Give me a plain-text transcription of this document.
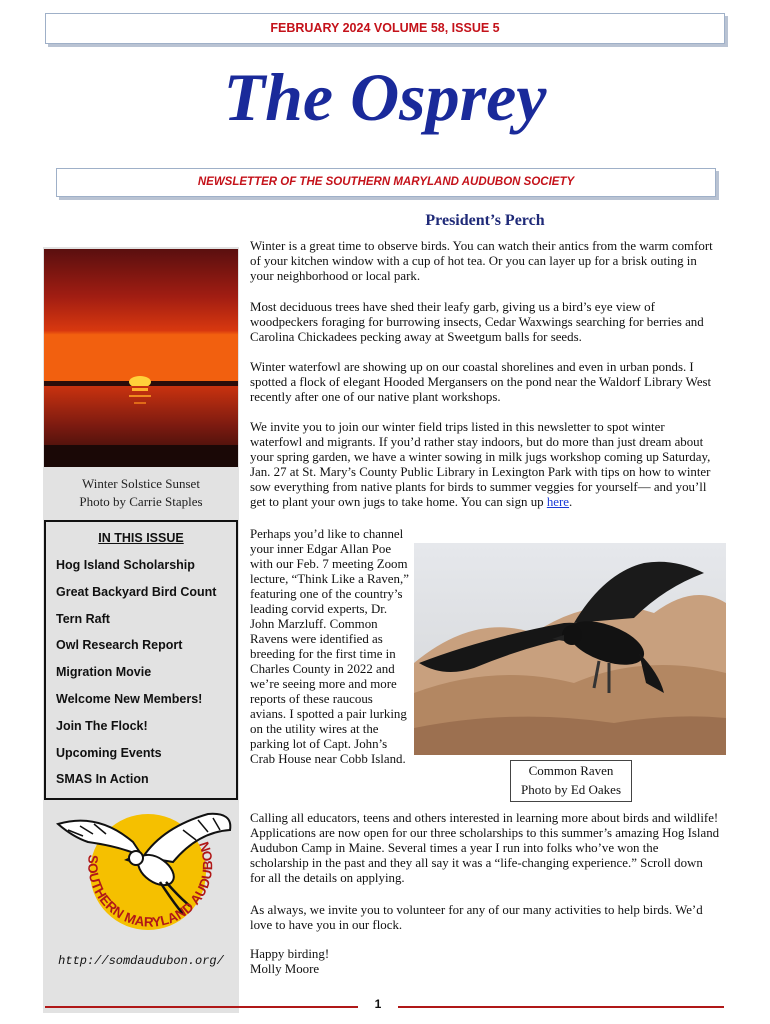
FEBRUARY 2024 VOLUME 58, ISSUE 5
The Osprey
NEWSLETTER OF THE SOUTHERN MARYLAND AUDUBON SOCIETY
President’s Perch
Winter Solstice Sunset
Photo by Carrie Staples
IN THIS ISSUE
Hog Island Scholarship
Great Backyard Bird Count
Tern Raft
Owl Research Report
Migration Movie
Welcome New Members!
Join The Flock!
Upcoming Events
SMAS In Action
SOUTHERN MARYLAND AUDUBON
http://somdaudubon.org/

Winter is a great time to observe birds. You can watch their antics from the warm comfort of your kitchen window with a cup of hot tea. Or you can layer up for a brisk outing in your neighborhood or local park.

Most deciduous trees have shed their leafy garb, giving us a bird’s eye view of woodpeckers foraging for burrowing insects, Cedar Waxwings searching for berries and Carolina Chickadees pecking away at Sweetgum balls for seeds.

Winter waterfowl are showing up on our coastal shorelines and even in urban ponds. I spotted a flock of elegant Hooded Mergansers on the pond near the Waldorf Library West recently after one of our native plant workshops.

We invite you to join our winter field trips listed in this newsletter to spot winter waterfowl and migrants. If you’d rather stay indoors, but do more than just dream about your spring garden, we have a winter sowing in milk jugs workshop coming up Saturday, Jan. 27 at St. Mary’s County Public Library in Lexington Park with tips on how to winter sow everything from native plants for birds to summer veggies for yourself— and you’ll get to plant your own jugs to take home. You can sign up here.

Perhaps you’d like to channel your inner Edgar Allan Poe with our Feb. 7 meeting Zoom lecture, “Think Like a Raven,” featuring one of the country’s leading corvid experts, Dr. John Marzluff. Common Ravens were identified as breeding for the first time in Charles County in 2022 and we’re seeing more and more reports of these raucous avians. I spotted a pair lurking on the utility wires at the parking lot of Capt. John’s Crab House near Cobb Island.

Common Raven
Photo by Ed Oakes

Calling all educators, teens and others interested in learning more about birds and wildlife! Applications are now open for our three scholarships to this summer’s amazing Hog Island Audubon Camp in Maine. Several times a year I run into folks who’ve won the scholarship in the past and they all say it was a “life-changing experience.” Scroll down for all the details on applying.

As always, we invite you to volunteer for any of our many activities to help birds. We’d love to have you in our flock.

Happy birding!

Molly Moore

1
